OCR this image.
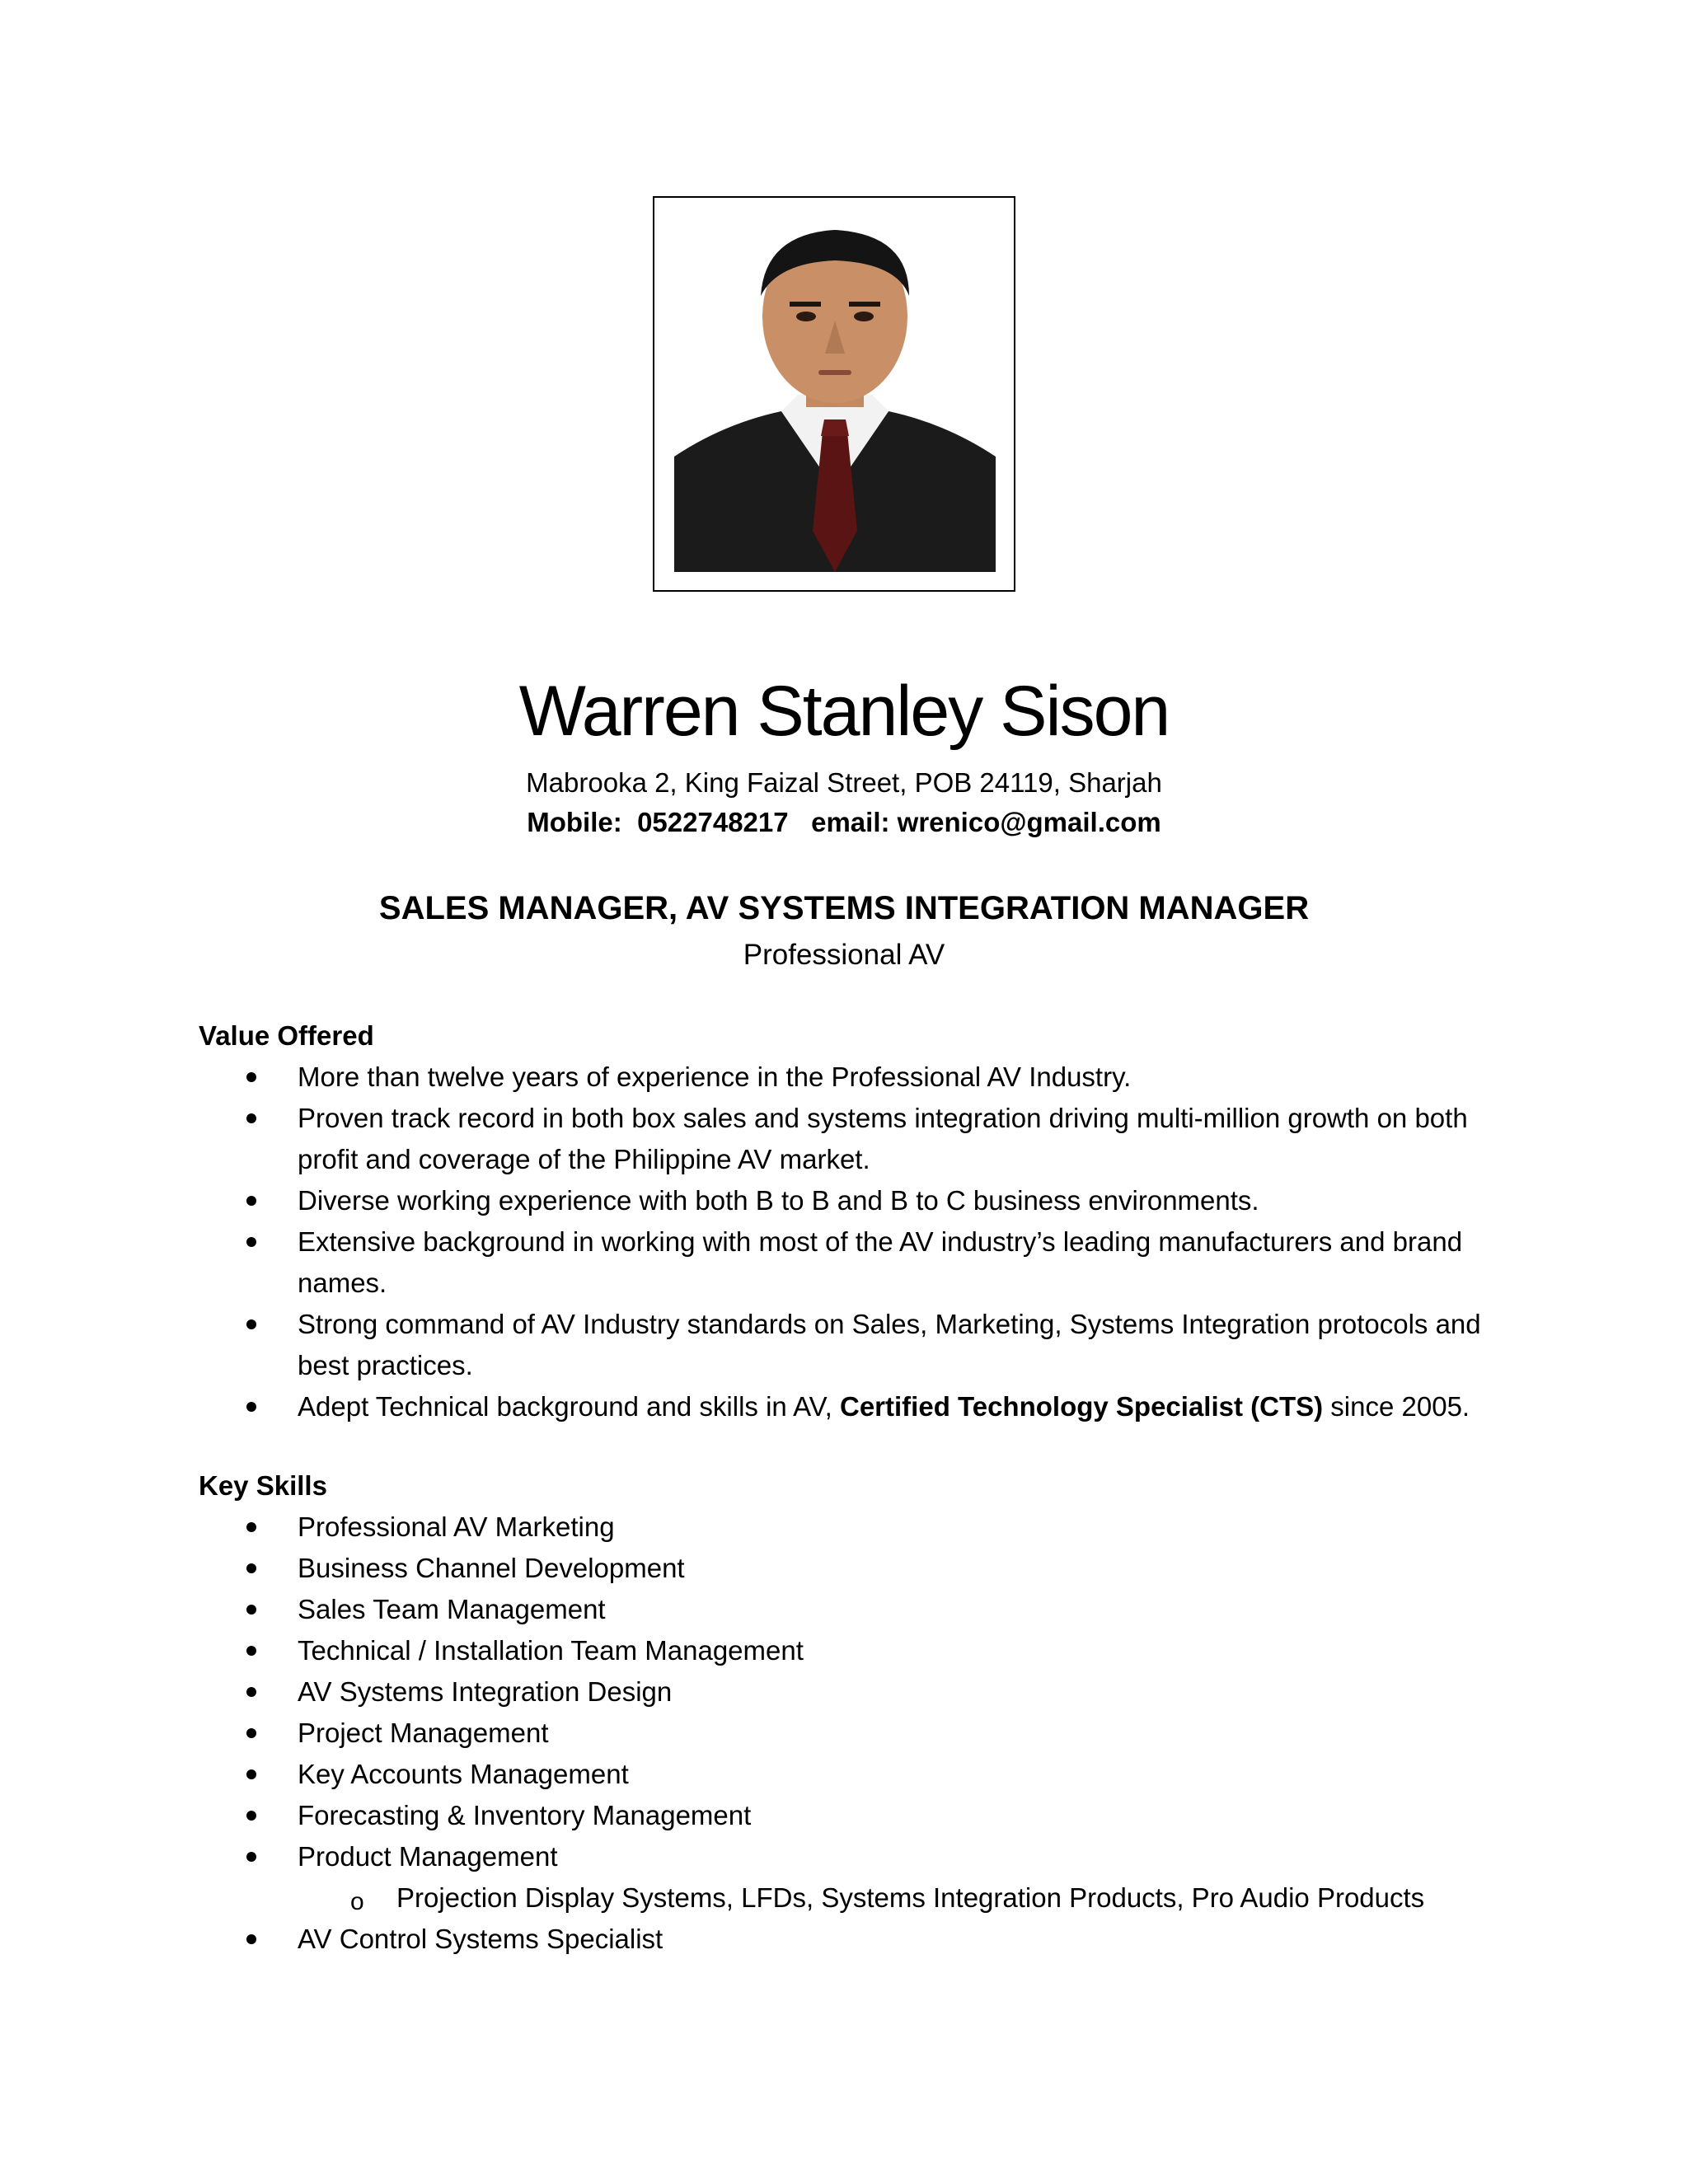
Warren Stanley Sison
Mabrooka 2, King Faizal Street, POB 24119, Sharjah
Mobile:  0522748217   email: wrenico@gmail.com
SALES MANAGER, AV SYSTEMS INTEGRATION MANAGER
Professional AV
Value Offered
More than twelve years of experience in the Professional AV Industry.
Proven track record in both box sales and systems integration driving multi-million growth on both profit and coverage of the Philippine AV market.
Diverse working experience with both B to B and B to C business environments.
Extensive background in working with most of the AV industry’s leading manufacturers and brand names.
Strong command of AV Industry standards on Sales, Marketing, Systems Integration protocols and best practices.
Adept Technical background and skills in AV, Certified Technology Specialist (CTS) since 2005.
Key Skills
Professional AV Marketing
Business Channel Development
Sales Team Management
Technical / Installation Team Management
AV Systems Integration Design
Project Management
Key Accounts Management
Forecasting & Inventory Management
Product Management
o Projection Display Systems, LFDs, Systems Integration Products, Pro Audio Products
AV Control Systems Specialist
